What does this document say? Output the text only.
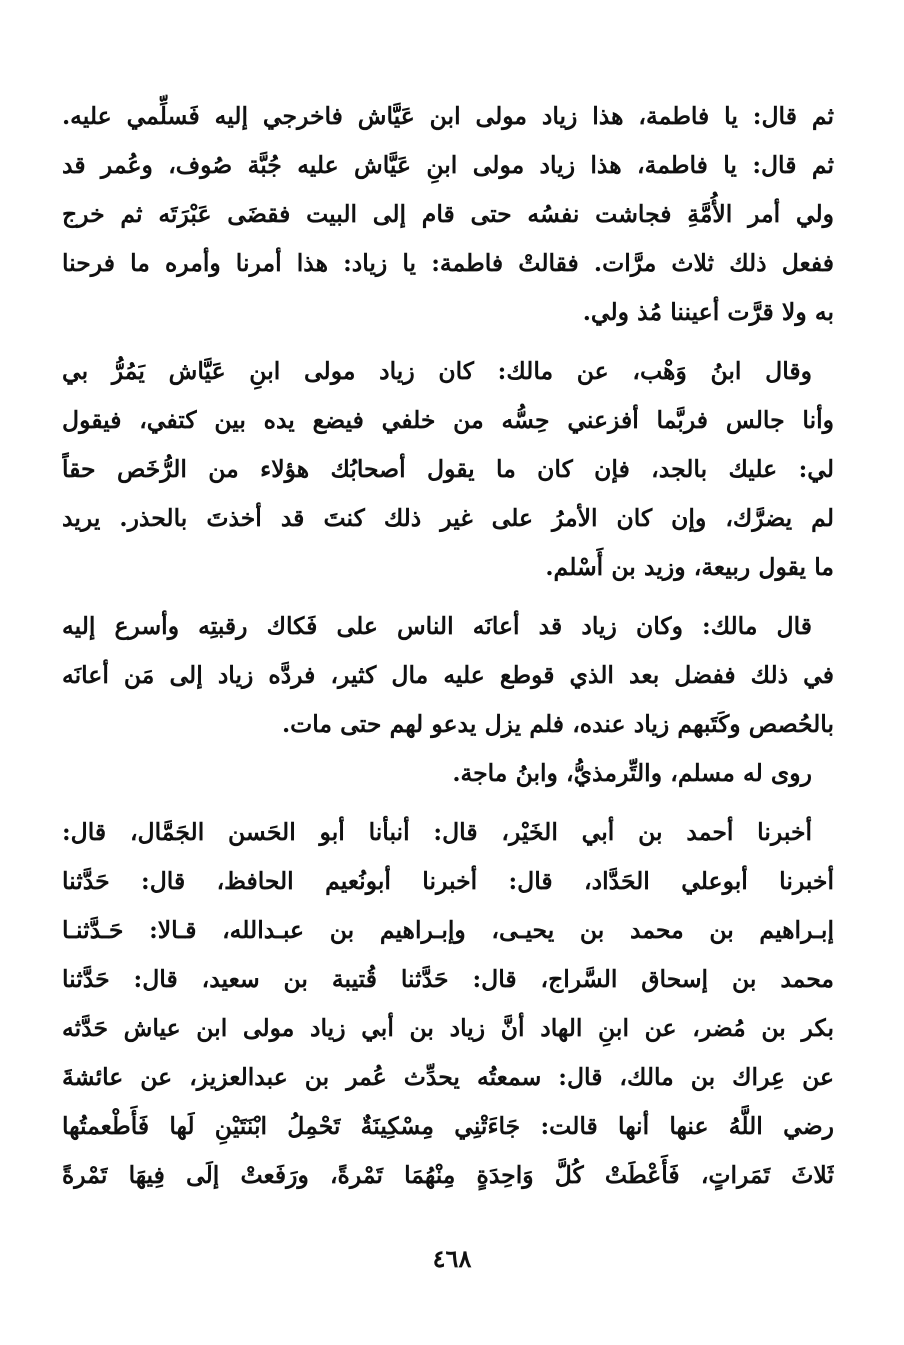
ثم قال: يا فاطمة، هذا زياد مولى ابن عَيَّاش فاخرجي إليه فَسلِّمي عليه.
ثم قال: يا فاطمة، هذا زياد مولى ابنِ عَيَّاش عليه جُبَّة صُوف، وعُمر قد
ولي أمر الأُمَّةِ فجاشت نفسُه حتى قام إلى البيت فقضَى عَبْرَتَه ثم خرج
ففعل ذلك ثلاث مرَّات. فقالتْ فاطمة: يا زياد: هذا أمرنا وأمره ما فرحنا
به ولا قرَّت أعيننا مُذ ولي.
وقال ابنُ وَهْب، عن مالك: كان زياد مولى ابنِ عَيَّاش يَمُرُّ بي
وأنا جالس فربَّما أفزعني حِسُّه من خلفي فيضع يده بين كتفي، فيقول
لي: عليك بالجد، فإن كان ما يقول أصحابُك هؤلاء من الرُّخَص حقاً
لم يضرَّك، وإن كان الأمرُ على غير ذلك كنتَ قد أخذتَ بالحذر. يريد
ما يقول ربيعة، وزيد بن أَسْلم.
قال مالك: وكان زياد قد أعانَه الناس على فَكاك رقبتِه وأسرع إليه
في ذلك ففضل بعد الذي قوطع عليه مال كثير، فردَّه زياد إلى مَن أعانَه
بالحُصص وكَتَبهم زياد عنده، فلم يزل يدعو لهم حتى مات.
روى له مسلم، والتِّرمذيُّ، وابنُ ماجة.
أخبرنا أحمد بن أبي الخَيْر، قال: أنبأنا أبو الحَسن الجَمَّال، قال:
أخبرنا أبوعلي الحَدَّاد، قال: أخبرنا أبونُعيم الحافظ، قال: حَدَّثنا
إبـراهيم بن محمد بن يحيـى، وإبـراهيم بن عبـدالله، قـالا: حَـدَّثنـا
محمد بن إسحاق السَّراج، قال: حَدَّثنا قُتيبة بن سعيد، قال: حَدَّثنا
بكر بن مُضر، عن ابنِ الهاد أنَّ زياد بن أبي زياد مولى ابن عياش حَدَّثه
عن عِراك بن مالك، قال: سمعتُه يحدِّث عُمر بن عبدالعزيز، عن عائشةَ
رضي اللَّهُ عنها أنها قالت: جَاءَتْنِي مِسْكِينَةٌ تَحْمِلُ ابْنَتَيْنِ لَها فَأَطْعمتُها
ثَلاثَ تَمَراتٍ، فَأَعْطَتْ كُلَّ وَاحِدَةٍ مِنْهُمَا تَمْرةً، ورَفَعتْ إلَى فِيهَا تَمْرةً
٤٦٨
